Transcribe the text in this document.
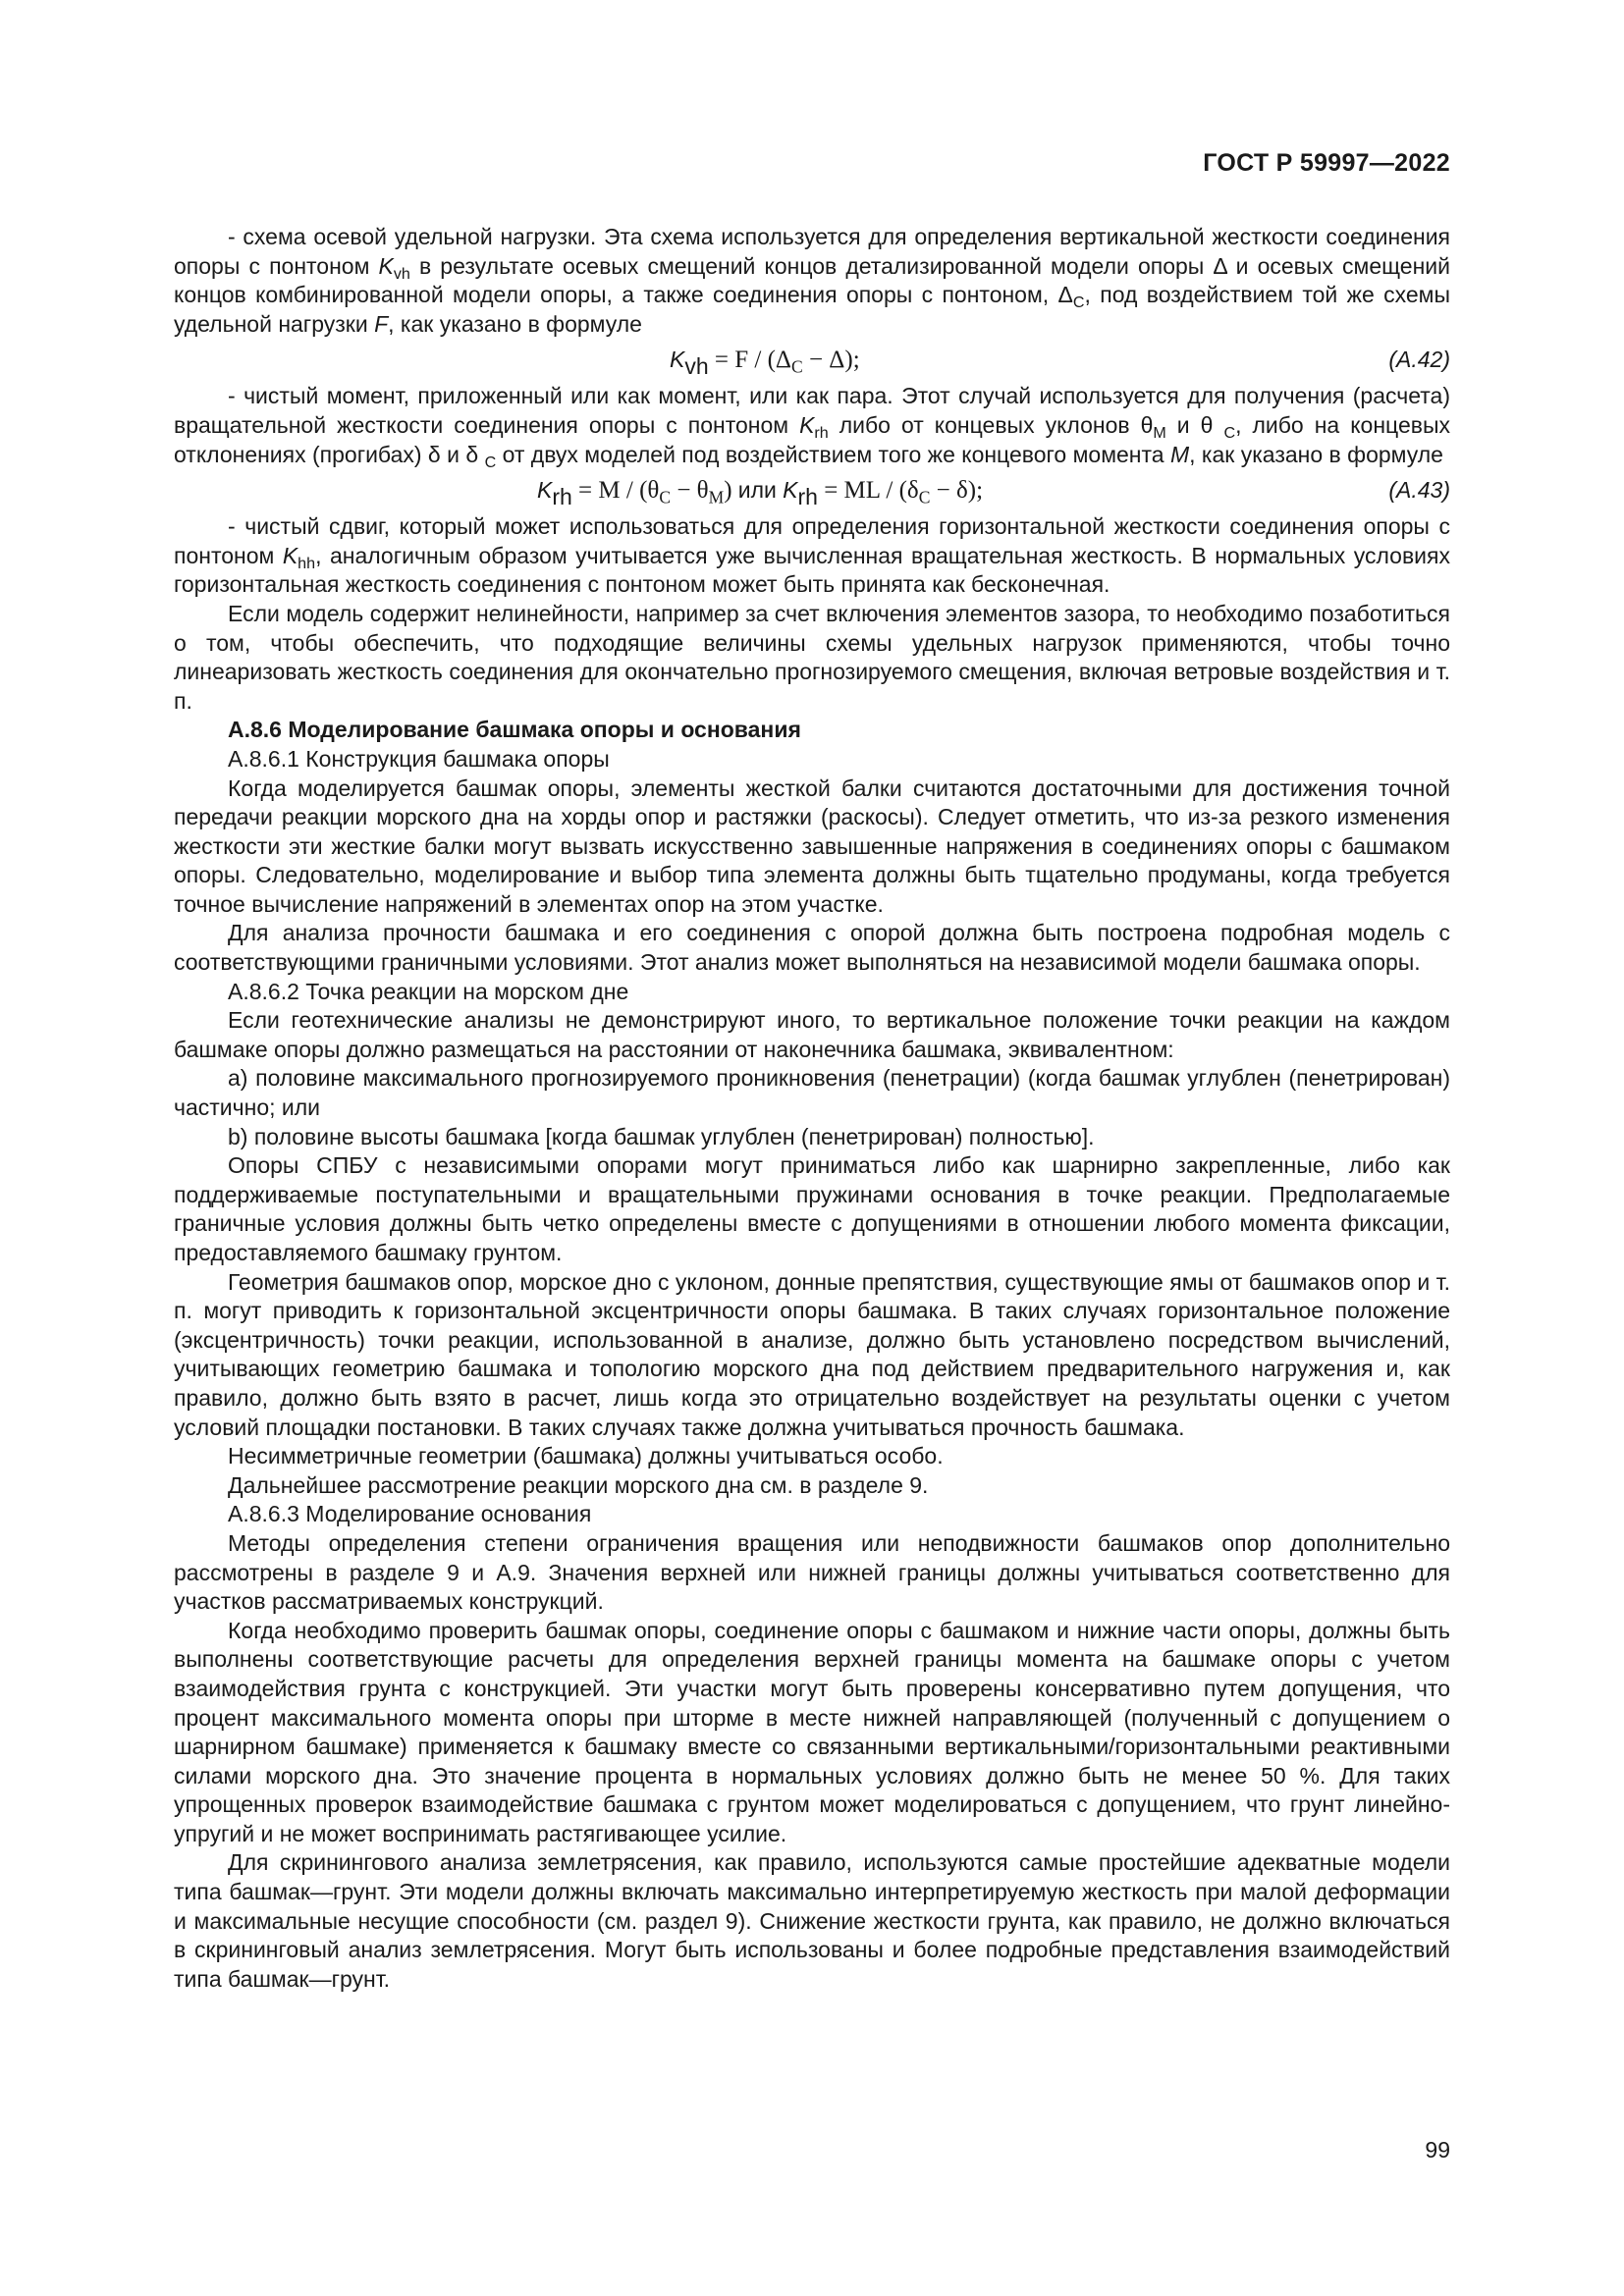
ГОСТ Р 59997—2022

- схема осевой удельной нагрузки. Эта схема используется для определения вертикальной жесткости соединения опоры с понтоном $K_{vh}$ в результате осевых смещений концов детализированной модели опоры Δ и осевых смещений концов комбинированной модели опоры, а также соединения опоры с понтоном, $\Delta_C$, под воздействием той же схемы удельной нагрузки F, как указано в формуле

$K_{vh} = F / (\Delta_C - \Delta)$;	(А.42)

- чистый момент, приложенный или как момент, или как пара. Этот случай используется для получения (расчета) вращательной жесткости соединения опоры с понтоном $K_{rh}$ либо от концевых уклонов $\theta_M$ и θ $_C$, либо на концевых отклонениях (прогибах) δ и δ $_C$ от двух моделей под воздействием того же концевого момента M, как указано в формуле

$K_{rh} = M / (\theta_C - \theta_M)$ или $K_{rh}$ = ML / $(\delta_C - \delta)$;	(А.43)

- чистый сдвиг, который может использоваться для определения горизонтальной жесткости соединения опоры с понтоном $K_{hh}$, аналогичным образом учитывается уже вычисленная вращательная жесткость. В нормальных условиях горизонтальная жесткость соединения с понтоном может быть принята как бесконечная.

Если модель содержит нелинейности, например за счет включения элементов зазора, то необходимо позаботиться о том, чтобы обеспечить, что подходящие величины схемы удельных нагрузок применяются, чтобы точно линеаризовать жесткость соединения для окончательно прогнозируемого смещения, включая ветровые воздействия и т. п.

А.8.6 Моделирование башмака опоры и основания

А.8.6.1 Конструкция башмака опоры

Когда моделируется башмак опоры, элементы жесткой балки считаются достаточными для достижения точной передачи реакции морского дна на хорды опор и растяжки (раскосы). Следует отметить, что из-за резкого изменения жесткости эти жесткие балки могут вызвать искусственно завышенные напряжения в соединениях опоры с башмаком опоры. Следовательно, моделирование и выбор типа элемента должны быть тщательно продуманы, когда требуется точное вычисление напряжений в элементах опор на этом участке.

Для анализа прочности башмака и его соединения с опорой должна быть построена подробная модель с соответствующими граничными условиями. Этот анализ может выполняться на независимой модели башмака опоры.

А.8.6.2 Точка реакции на морском дне

Если геотехнические анализы не демонстрируют иного, то вертикальное положение точки реакции на каждом башмаке опоры должно размещаться на расстоянии от наконечника башмака, эквивалентном:

а) половине максимального прогнозируемого проникновения (пенетрации) (когда башмак углублен (пенетрирован) частично; или

b) половине высоты башмака [когда башмак углублен (пенетрирован) полностью].

Опоры СПБУ с независимыми опорами могут приниматься либо как шарнирно закрепленные, либо как поддерживаемые поступательными и вращательными пружинами основания в точке реакции. Предполагаемые граничные условия должны быть четко определены вместе с допущениями в отношении любого момента фиксации, предоставляемого башмаку грунтом.

Геометрия башмаков опор, морское дно с уклоном, донные препятствия, существующие ямы от башмаков опор и т. п. могут приводить к горизонтальной эксцентричности опоры башмака. В таких случаях горизонтальное положение (эксцентричность) точки реакции, использованной в анализе, должно быть установлено посредством вычислений, учитывающих геометрию башмака и топологию морского дна под действием предварительного нагружения и, как правило, должно быть взято в расчет, лишь когда это отрицательно воздействует на результаты оценки с учетом условий площадки постановки. В таких случаях также должна учитываться прочность башмака.

Несимметричные геометрии (башмака) должны учитываться особо.

Дальнейшее рассмотрение реакции морского дна см. в разделе 9.

А.8.6.3 Моделирование основания

Методы определения степени ограничения вращения или неподвижности башмаков опор дополнительно рассмотрены в разделе 9 и А.9. Значения верхней или нижней границы должны учитываться соответственно для участков рассматриваемых конструкций.

Когда необходимо проверить башмак опоры, соединение опоры с башмаком и нижние части опоры, должны быть выполнены соответствующие расчеты для определения верхней границы момента на башмаке опоры с учетом взаимодействия грунта с конструкцией. Эти участки могут быть проверены консервативно путем допущения, что процент максимального момента опоры при шторме в месте нижней направляющей (полученный с допущением о шарнирном башмаке) применяется к башмаку вместе со связанными вертикальными/горизонтальными реактивными силами морского дна. Это значение процента в нормальных условиях должно быть не менее 50 %. Для таких упрощенных проверок взаимодействие башмака с грунтом может моделироваться с допущением, что грунт линейно-упругий и не может воспринимать растягивающее усилие.

Для скринингового анализа землетрясения, как правило, используются самые простейшие адекватные модели типа башмак—грунт. Эти модели должны включать максимально интерпретируемую жесткость при малой деформации и максимальные несущие способности (см. раздел 9). Снижение жесткости грунта, как правило, не должно включаться в скрининговый анализ землетрясения. Могут быть использованы и более подробные представления взаимодействий типа башмак—грунт.

99
